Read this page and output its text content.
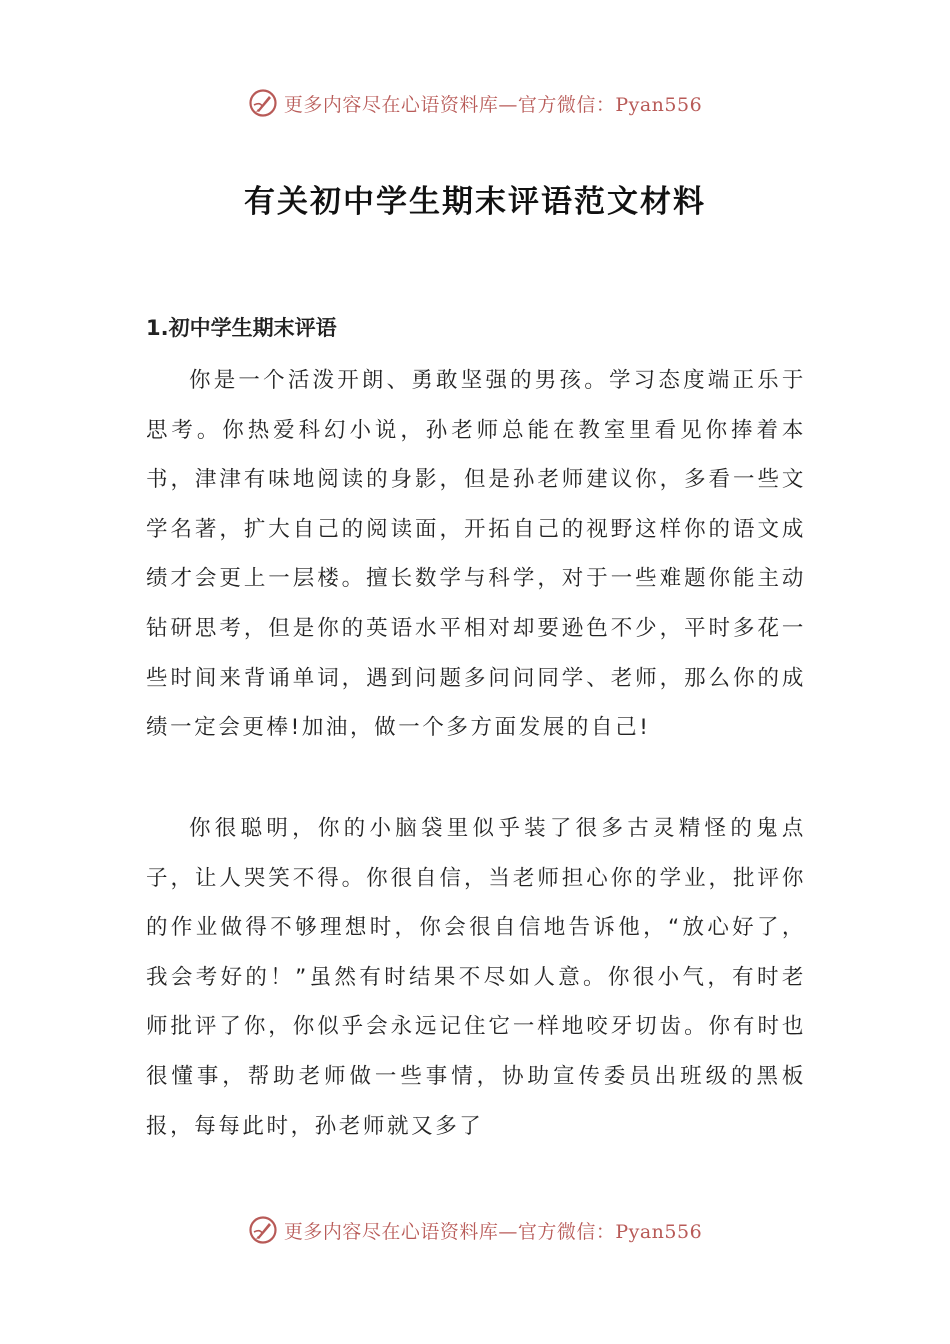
更多内容尽在心语资料库—官方微信：Pyan556
有关初中学生期末评语范文材料
1.初中学生期末评语

你是一个活泼开朗、勇敢坚强的男孩。学习态度端正乐于思考。你热爱科幻小说，孙老师总能在教室里看见你捧着本书，津津有味地阅读的身影，但是孙老师建议你，多看一些文学名著，扩大自己的阅读面，开拓自己的视野这样你的语文成绩才会更上一层楼。擅长数学与科学，对于一些难题你能主动钻研思考，但是你的英语水平相对却要逊色不少，平时多花一些时间来背诵单词，遇到问题多问问同学、老师，那么你的成绩一定会更棒!加油，做一个多方面发展的自己!

你很聪明，你的小脑袋里似乎装了很多古灵精怪的鬼点子，让人哭笑不得。你很自信，当老师担心你的学业，批评你的作业做得不够理想时，你会很自信地告诉他，“放心好了，我会考好的！”虽然有时结果不尽如人意。你很小气，有时老师批评了你，你似乎会永远记住它一样地咬牙切齿。你有时也很懂事，帮助老师做一些事情，协助宣传委员出班级的黑板报，每每此时，孙老师就又多了

更多内容尽在心语资料库—官方微信：Pyan556
